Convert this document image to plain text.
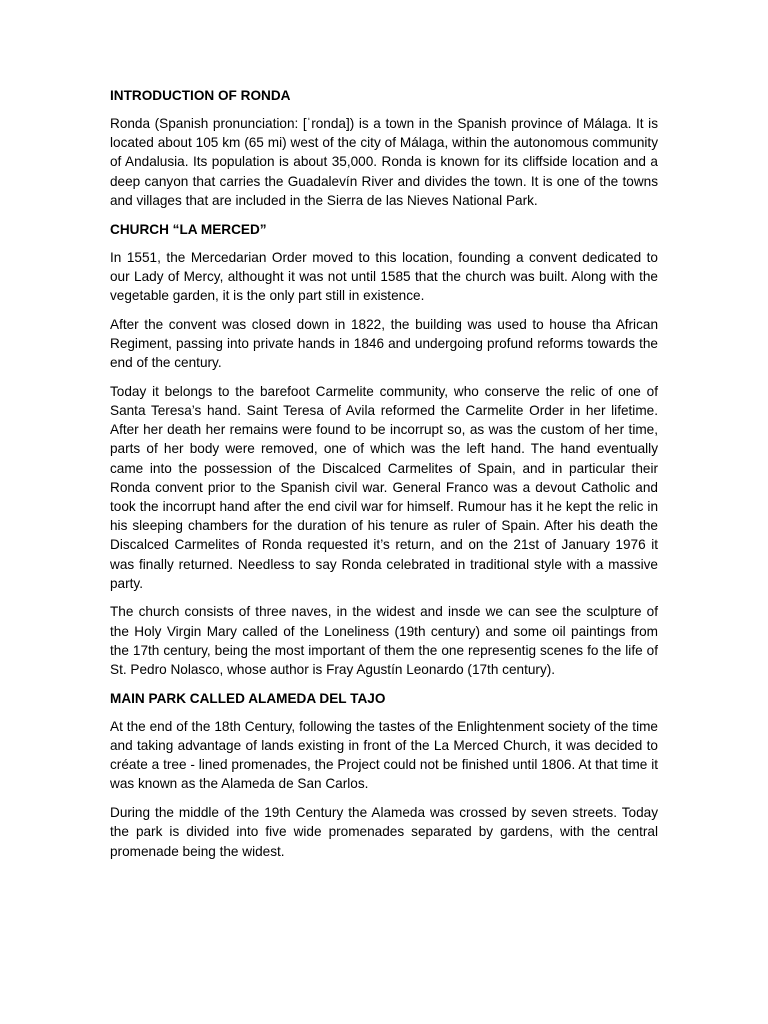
INTRODUCTION OF RONDA
Ronda (Spanish pronunciation: [ˈronda]) is a town in the Spanish province of Málaga. It is located about 105 km (65 mi) west of the city of Málaga, within the autonomous community of Andalusia. Its population is about 35,000. Ronda is known for its cliffside location and a deep canyon that carries the Guadalevín River and divides the town. It is one of the towns and villages that are included in the Sierra de las Nieves National Park.
CHURCH “LA MERCED”
In 1551, the Mercedarian Order moved to this location, founding a convent dedicated to our Lady of Mercy, althought it was not until 1585 that the church was built. Along with the vegetable garden, it is the only part still in existence.
After the convent was closed down in 1822, the building was used to house tha African Regiment, passing into private hands in 1846 and undergoing profund reforms towards the end of the century.
Today it belongs to the barefoot Carmelite community, who conserve the relic of one of Santa Teresa’s hand. Saint Teresa of Avila reformed the Carmelite Order in her lifetime. After her death her remains were found to be incorrupt so, as was the custom of her time, parts of her body were removed, one of which was the left hand. The hand eventually came into the possession of the Discalced Carmelites of Spain, and in particular their Ronda convent prior to the Spanish civil war. General Franco was a devout Catholic and took the incorrupt hand after the end civil war for himself. Rumour has it he kept the relic in his sleeping chambers for the duration of his tenure as ruler of Spain. After his death the Discalced Carmelites of Ronda requested it’s return, and on the 21st of January 1976 it was finally returned. Needless to say Ronda celebrated in traditional style with a massive party.
The church consists of three naves, in the widest and insde we can see the sculpture of the Holy Virgin Mary called of the Loneliness (19th century) and some oil paintings from the 17th century, being the most important of them the one representig scenes fo the life of St. Pedro Nolasco, whose author is Fray Agustín Leonardo (17th century).
MAIN PARK CALLED ALAMEDA DEL TAJO
At the end of the 18th Century, following the tastes of the Enlightenment society of the time and taking advantage of lands existing in front of the La Merced Church, it was decided to créate a tree - lined promenades, the Project could not be finished until 1806. At that time it was known as the Alameda de San Carlos.
During the middle of the 19th Century the Alameda was crossed by seven streets. Today the park is divided into five wide promenades separated by gardens, with the central promenade being the widest.
